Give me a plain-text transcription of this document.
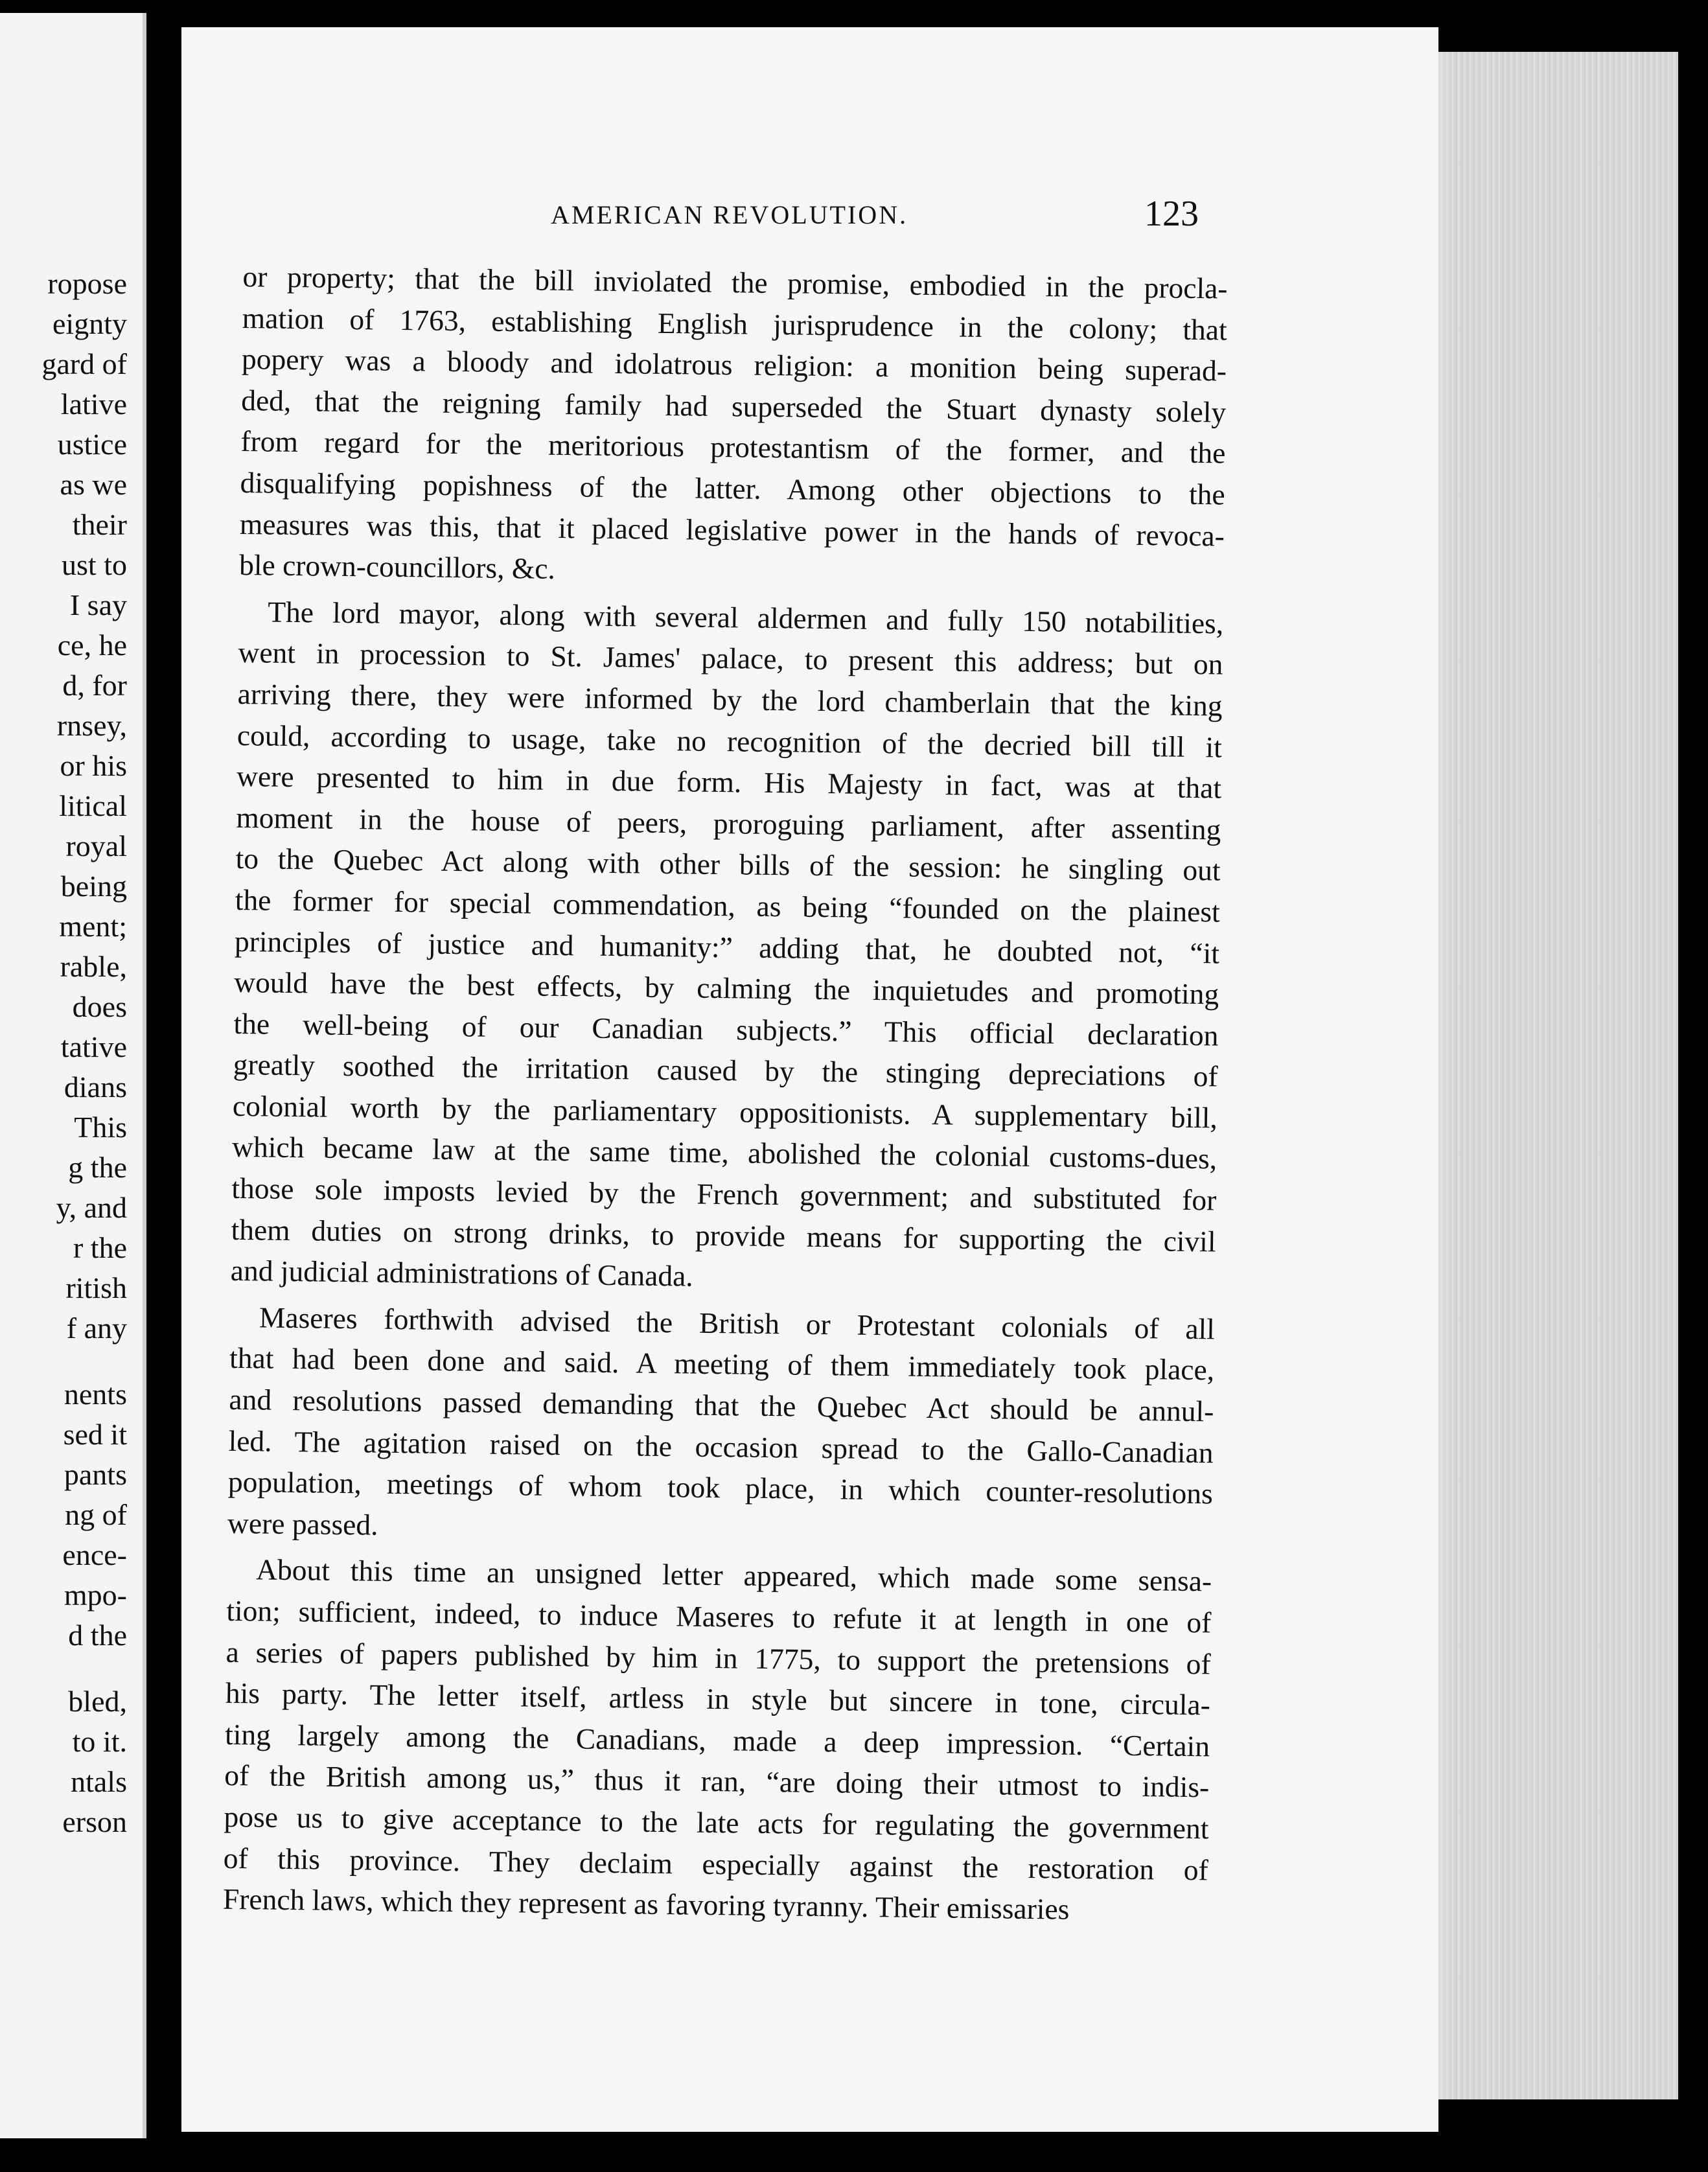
ropose
eignty
gard of
lative
ustice
as we
their
ust to
I say
ce, he
d, for
rnsey,
or his
litical
royal
being
ment;
rable,
does
tative
dians
This
g the
y, and
r the
ritish
f any
nents
sed it
pants
ng of
ence-
mpo-
d the
bled,
to it.
ntals
erson
AMERICAN REVOLUTION.	123
or property; that the bill inviolated the promise, embodied in the procla-
mation of 1763, establishing English jurisprudence in the colony; that
popery was a bloody and idolatrous religion: a monition being superad-
ded, that the reigning family had superseded the Stuart dynasty solely
from regard for the meritorious protestantism of the former, and the
disqualifying popishness of the latter. Among other objections to the
measures was this, that it placed legislative power in the hands of revoca-
ble crown-councillors, &c.
The lord mayor, along with several aldermen and fully 150 notabilities,
went in procession to St. James' palace, to present this address; but on
arriving there, they were informed by the lord chamberlain that the king
could, according to usage, take no recognition of the decried bill till it
were presented to him in due form. His Majesty in fact, was at that
moment in the house of peers, proroguing parliament, after assenting
to the Quebec Act along with other bills of the session: he singling out
the former for special commendation, as being “founded on the plainest
principles of justice and humanity:” adding that, he doubted not, “it
would have the best effects, by calming the inquietudes and promoting
the well-being of our Canadian subjects.” This official declaration
greatly soothed the irritation caused by the stinging depreciations of
colonial worth by the parliamentary oppositionists. A supplementary bill,
which became law at the same time, abolished the colonial customs-dues,
those sole imposts levied by the French government; and substituted for
them duties on strong drinks, to provide means for supporting the civil
and judicial administrations of Canada.
Maseres forthwith advised the British or Protestant colonials of all
that had been done and said. A meeting of them immediately took place,
and resolutions passed demanding that the Quebec Act should be annul-
led. The agitation raised on the occasion spread to the Gallo-Canadian
population, meetings of whom took place, in which counter-resolutions
were passed.
About this time an unsigned letter appeared, which made some sensa-
tion; sufficient, indeed, to induce Maseres to refute it at length in one of
a series of papers published by him in 1775, to support the pretensions of
his party. The letter itself, artless in style but sincere in tone, circula-
ting largely among the Canadians, made a deep impression. “Certain
of the British among us,” thus it ran, “are doing their utmost to indis-
pose us to give acceptance to the late acts for regulating the government
of this province. They declaim especially against the restoration of
French laws, which they represent as favoring tyranny. Their emissaries
